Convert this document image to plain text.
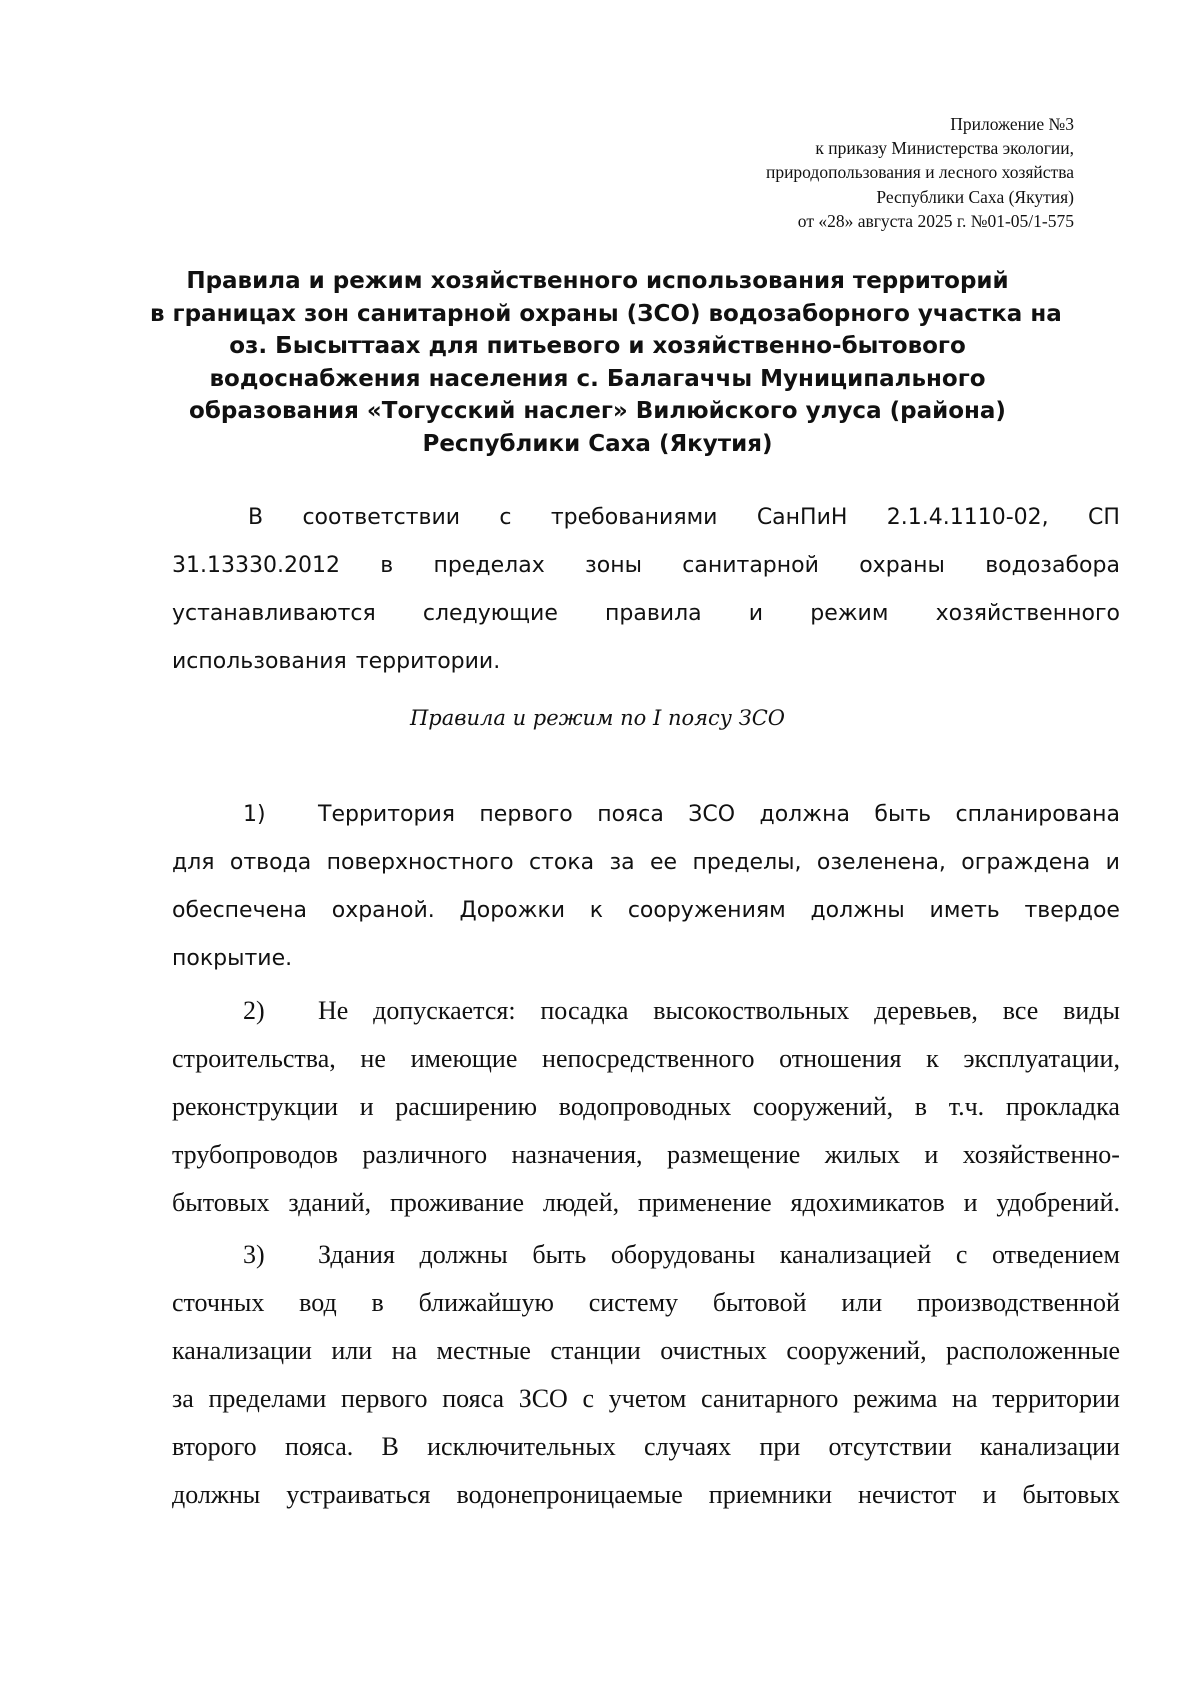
Приложение №3
к приказу Министерства экологии,
природопользования и лесного хозяйства
Республики Саха (Якутия)
от «28» августа 2025 г. №01-05/1-575
Правила и режим хозяйственного использования территорий
в границах зон санитарной охраны (ЗСО) водозаборного участка на
оз. Бысыттаах для питьевого и хозяйственно-бытового
водоснабжения населения с. Балагаччы Муниципального
образования «Тогусский наслег» Вилюйского улуса (района)
Республики Саха (Якутия)
В соответствии с требованиями СанПиН 2.1.4.1110-02, СП
31.13330.2012 в пределах зоны санитарной охраны водозабора
устанавливаются следующие правила и режим хозяйственного
использования территории.
Правила и режим по I поясу ЗСО
1) Территория первого пояса ЗСО должна быть спланирована
для отвода поверхностного стока за ее пределы, озеленена, ограждена и
обеспечена охраной. Дорожки к сооружениям должны иметь твердое
покрытие.
2) Не допускается: посадка высокоствольных деревьев, все виды
строительства, не имеющие непосредственного отношения к эксплуатации,
реконструкции и расширению водопроводных сооружений, в т.ч. прокладка
трубопроводов различного назначения, размещение жилых и хозяйственно-
бытовых зданий, проживание людей, применение ядохимикатов и удобрений.
3) Здания должны быть оборудованы канализацией с отведением
сточных вод в ближайшую систему бытовой или производственной
канализации или на местные станции очистных сооружений, расположенные
за пределами первого пояса ЗСО с учетом санитарного режима на территории
второго пояса. В исключительных случаях при отсутствии канализации
должны устраиваться водонепроницаемые приемники нечистот и бытовых
